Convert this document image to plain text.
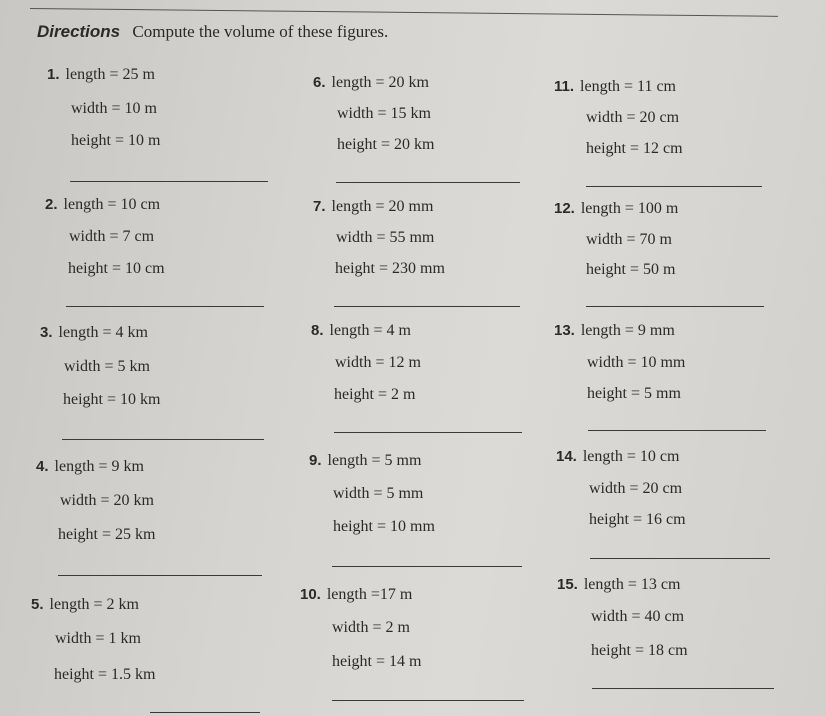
Directions Compute the volume of these figures.
1. length = 25 m
width = 10 m
height = 10 m
2. length = 10 cm
width = 7 cm
height = 10 cm
3. length = 4 km
width = 5 km
height = 10 km
4. length = 9 km
width = 20 km
height = 25 km
5. length = 2 km
width = 1 km
height = 1.5 km
6. length = 20 km
width = 15 km
height = 20 km
7. length = 20 mm
width = 55 mm
height = 230 mm
8. length = 4 m
width = 12 m
height = 2 m
9. length = 5 mm
width = 5 mm
height = 10 mm
10. length =17 m
width = 2 m
height = 14 m
11. length = 11 cm
width = 20 cm
height = 12 cm
12. length = 100 m
width = 70 m
height = 50 m
13. length = 9 mm
width = 10 mm
height = 5 mm
14. length = 10 cm
width = 20 cm
height = 16 cm
15. length = 13 cm
width = 40 cm
height = 18 cm
